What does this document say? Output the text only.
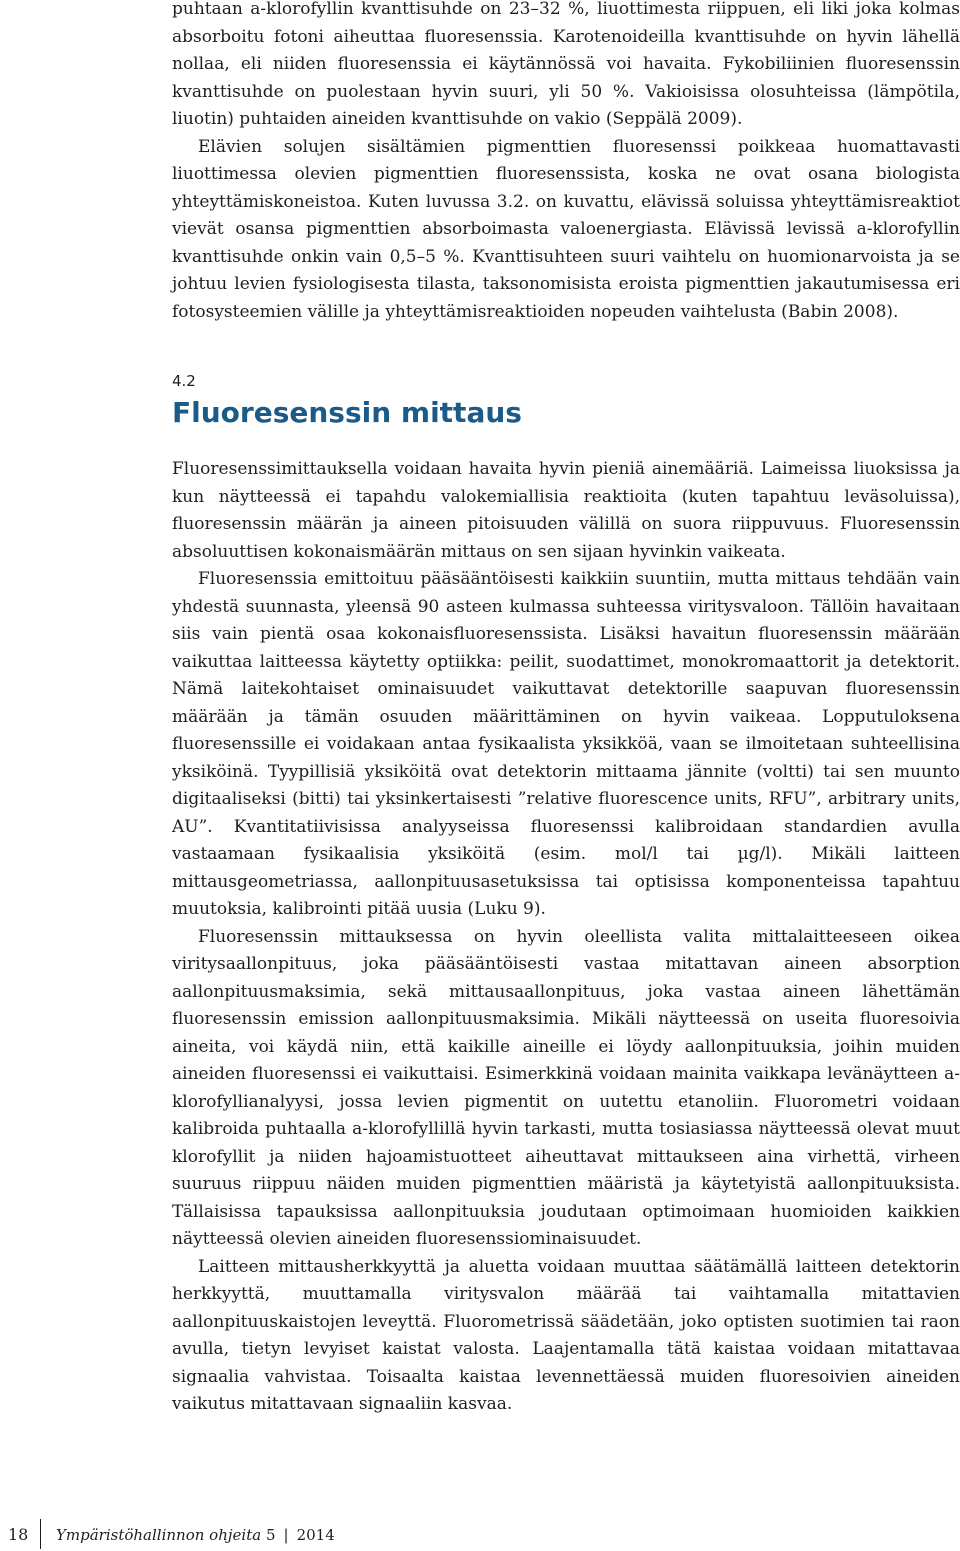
puhtaan a-klorofyllin kvanttisuhde on 23–32 %, liuottimesta riippuen, eli liki joka kolmas absorboitu fotoni aiheuttaa fluoresenssia. Karotenoideilla kvanttisuhde on hyvin lähellä nollaa, eli niiden fluoresenssia ei käytännössä voi havaita. Fykobiliinien fluoresenssin kvanttisuhde on puolestaan hyvin suuri, yli 50 %. Vakioisissa olosuhteissa (lämpötila, liuotin) puhtaiden aineiden kvanttisuhde on vakio (Seppälä 2009).

Elävien solujen sisältämien pigmenttien fluoresenssi poikkeaa huomattavasti liuottimessa olevien pigmenttien fluoresenssista, koska ne ovat osana biologista yhteyttämiskoneistoa. Kuten luvussa 3.2. on kuvattu, elävissä soluissa yhteyttämisreaktiot vievät osansa pigmenttien absorboimasta valoenergiasta. Elävissä levissä a-klorofyllin kvanttisuhde onkin vain 0,5–5 %. Kvanttisuhteen suuri vaihtelu on huomionarvoista ja se johtuu levien fysiologisesta tilasta, taksonomisista eroista pigmenttien jakautumisessa eri fotosysteemien välille ja yhteyttämisreaktioiden nopeuden vaihtelusta (Babin 2008).

4.2
Fluoresenssin mittaus

Fluoresenssimittauksella voidaan havaita hyvin pieniä ainemääriä. Laimeissa liuoksissa ja kun näytteessä ei tapahdu valokemiallisia reaktioita (kuten tapahtuu leväsoluissa), fluoresenssin määrän ja aineen pitoisuuden välillä on suora riippuvuus. Fluoresenssin absoluuttisen kokonaismäärän mittaus on sen sijaan hyvinkin vaikeata.

Fluoresenssia emittoituu pääsääntöisesti kaikkiin suuntiin, mutta mittaus tehdään vain yhdestä suunnasta, yleensä 90 asteen kulmassa suhteessa viritysvaloon. Tällöin havaitaan siis vain pientä osaa kokonaisfluoresenssista. Lisäksi havaitun fluoresenssin määrään vaikuttaa laitteessa käytetty optiikka: peilit, suodattimet, monokromaattorit ja detektorit. Nämä laitekohtaiset ominaisuudet vaikuttavat detektorille saapuvan fluoresenssin määrään ja tämän osuuden määrittäminen on hyvin vaikeaa. Lopputuloksena fluoresenssille ei voidakaan antaa fysikaalista yksikköä, vaan se ilmoitetaan suhteellisina yksiköinä. Tyypillisiä yksiköitä ovat detektorin mittaama jännite (voltti) tai sen muunto digitaaliseksi (bitti) tai yksinkertaisesti ”relative fluorescence units, RFU”, arbitrary units, AU”. Kvantitatiivisissa analyyseissa fluoresenssi kalibroidaan standardien avulla vastaamaan fysikaalisia yksiköitä (esim. mol/l tai µg/l). Mikäli laitteen mittausgeometriassa, aallonpituusasetuksissa tai optisissa komponenteissa tapahtuu muutoksia, kalibrointi pitää uusia (Luku 9).

Fluoresenssin mittauksessa on hyvin oleellista valita mittalaitteeseen oikea viritysaallonpituus, joka pääsääntöisesti vastaa mitattavan aineen absorption aallonpituusmaksimia, sekä mittausaallonpituus, joka vastaa aineen lähettämän fluoresenssin emission aallonpituusmaksimia. Mikäli näytteessä on useita fluoresoivia aineita, voi käydä niin, että kaikille aineille ei löydy aallonpituuksia, joihin muiden aineiden fluoresenssi ei vaikuttaisi. Esimerkkinä voidaan mainita vaikkapa levänäytteen a-klorofyllianalyysi, jossa levien pigmentit on uutettu etanoliin. Fluorometri voidaan kalibroida puhtaalla a-klorofyllillä hyvin tarkasti, mutta tosiasiassa näytteessä olevat muut klorofyllit ja niiden hajoamistuotteet aiheuttavat mittaukseen aina virhettä, virheen suuruus riippuu näiden muiden pigmenttien määristä ja käytetyistä aallonpituuksista. Tällaisissa tapauksissa aallonpituuksia joudutaan optimoimaan huomioiden kaikkien näytteessä olevien aineiden fluoresenssiominaisuudet.

Laitteen mittausherkkyyttä ja aluetta voidaan muuttaa säätämällä laitteen detektorin herkkyyttä, muuttamalla viritysvalon määrää tai vaihtamalla mitattavien aallonpituuskaistojen leveyttä. Fluorometrissä säädetään, joko optisten suotimien tai raon avulla, tietyn levyiset kaistat valosta. Laajentamalla tätä kaistaa voidaan mitattavaa signaalia vahvistaa. Toisaalta kaistaa levennettäessä muiden fluoresoivien aineiden vaikutus mitattavaan signaaliin kasvaa.

18 Ympäristöhallinnon ohjeita 5 | 2014
